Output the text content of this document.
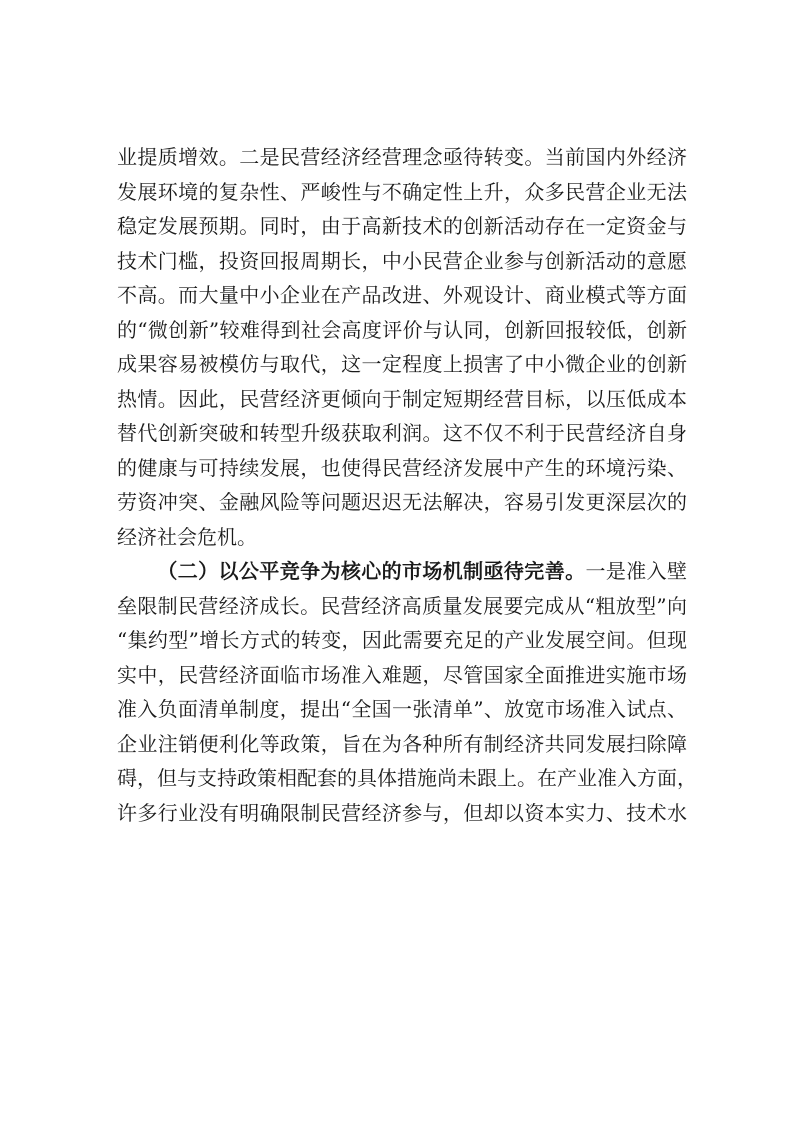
业提质增效。二是民营经济经营理念亟待转变。当前国内外经济
发展环境的复杂性、严峻性与不确定性上升，众多民营企业无法
稳定发展预期。同时，由于高新技术的创新活动存在一定资金与
技术门槛，投资回报周期长，中小民营企业参与创新活动的意愿
不高。而大量中小企业在产品改进、外观设计、商业模式等方面
的“微创新”较难得到社会高度评价与认同，创新回报较低，创新
成果容易被模仿与取代，这一定程度上损害了中小微企业的创新
热情。因此，民营经济更倾向于制定短期经营目标，以压低成本
替代创新突破和转型升级获取利润。这不仅不利于民营经济自身
的健康与可持续发展，也使得民营经济发展中产生的环境污染、
劳资冲突、金融风险等问题迟迟无法解决，容易引发更深层次的
经济社会危机。
（二）以公平竞争为核心的市场机制亟待完善。一是准入壁
垒限制民营经济成长。民营经济高质量发展要完成从“粗放型”向
“集约型”增长方式的转变，因此需要充足的产业发展空间。但现
实中，民营经济面临市场准入难题，尽管国家全面推进实施市场
准入负面清单制度，提出“全国一张清单”、放宽市场准入试点、
企业注销便利化等政策，旨在为各种所有制经济共同发展扫除障
碍，但与支持政策相配套的具体措施尚未跟上。在产业准入方面，
许多行业没有明确限制民营经济参与，但却以资本实力、技术水
